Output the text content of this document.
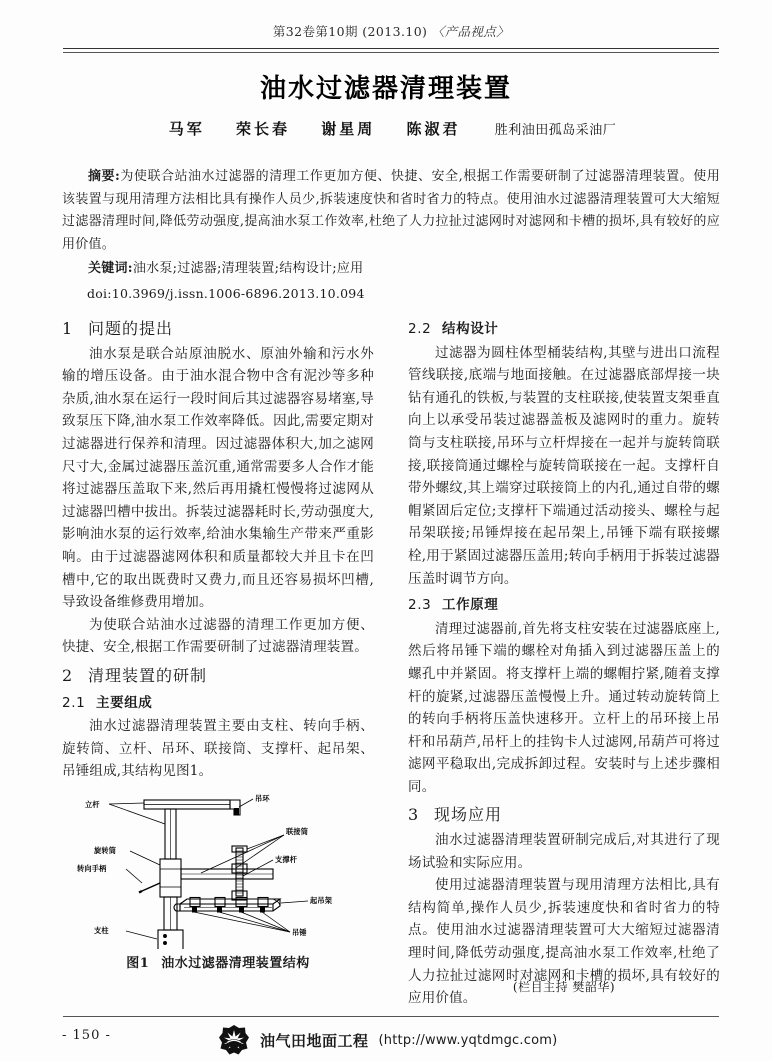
第32卷第10期 (2013.10) 〈产品视点〉
油水过滤器清理装置
马军 荣长春 谢星周 陈淑君	胜利油田孤岛采油厂

摘要:为使联合站油水过滤器的清理工作更加方便、快捷、安全,根据工作需要研制了过滤器清理装置。使用该装置与现用清理方法相比具有操作人员少,拆装速度快和省时省力的特点。使用油水过滤器清理装置可大大缩短过滤器清理时间,降低劳动强度,提高油水泵工作效率,杜绝了人力拉扯过滤网时对滤网和卡槽的损坏,具有较好的应用价值。

关键词:油水泵;过滤器;清理装置;结构设计;应用

doi:10.3969/j.issn.1006-6896.2013.10.094

1 问题的提出

油水泵是联合站原油脱水、原油外输和污水外输的增压设备。由于油水混合物中含有泥沙等多种杂质,油水泵在运行一段时间后其过滤器容易堵塞,导致泵压下降,油水泵工作效率降低。因此,需要定期对过滤器进行保养和清理。因过滤器体积大,加之滤网尺寸大,金属过滤器压盖沉重,通常需要多人合作才能将过滤器压盖取下来,然后再用撬杠慢慢将过滤网从过滤器凹槽中拔出。拆装过滤器耗时长,劳动强度大,影响油水泵的运行效率,给油水集输生产带来严重影响。由于过滤器滤网体积和质量都较大并且卡在凹槽中,它的取出既费时又费力,而且还容易损坏凹槽,导致设备维修费用增加。

为使联合站油水过滤器的清理工作更加方便、快捷、安全,根据工作需要研制了过滤器清理装置。

2 清理装置的研制
2.1 主要组成

油水过滤器清理装置主要由支柱、转向手柄、旋转筒、立杆、吊环、联接筒、支撑杆、起吊架、吊锤组成,其结构见图1。

立杆
吊环
旋转筒
转向手柄
支柱
联接筒
支撑杆
起吊架
吊锤
图1 油水过滤器清理装置结构
2.2 结构设计

过滤器为圆柱体型桶装结构,其壁与进出口流程管线联接,底端与地面接触。在过滤器底部焊接一块钻有通孔的铁板,与装置的支柱联接,使装置支架垂直向上以承受吊装过滤器盖板及滤网时的重力。旋转筒与支柱联接,吊环与立杆焊接在一起并与旋转筒联接,联接筒通过螺栓与旋转筒联接在一起。支撑杆自带外螺纹,其上端穿过联接筒上的内孔,通过自带的螺帽紧固后定位;支撑杆下端通过活动接头、螺栓与起吊架联接;吊锤焊接在起吊架上,吊锤下端有联接螺栓,用于紧固过滤器压盖用;转向手柄用于拆装过滤器压盖时调节方向。

2.3 工作原理

清理过滤器前,首先将支柱安装在过滤器底座上,然后将吊锤下端的螺栓对角插入到过滤器压盖上的螺孔中并紧固。将支撑杆上端的螺帽拧紧,随着支撑杆的旋紧,过滤器压盖慢慢上升。通过转动旋转筒上的转向手柄将压盖快速移开。立杆上的吊环接上吊杆和吊葫芦,吊杆上的挂钩卡人过滤网,吊葫芦可将过滤网平稳取出,完成拆卸过程。安装时与上述步骤相同。

3 现场应用

油水过滤器清理装置研制完成后,对其进行了现场试验和实际应用。

使用过滤器清理装置与现用清理方法相比,具有结构简单,操作人员少,拆装速度快和省时省力的特点。使用油水过滤器清理装置可大大缩短过滤器清理时间,降低劳动强度,提高油水泵工作效率,杜绝了人力拉扯过滤网时对滤网和卡槽的损坏,具有较好的应用价值。

(栏目主持 樊韶华)
- 150 -	油气田地面工程 (http://www.yqtdmgc.com)
